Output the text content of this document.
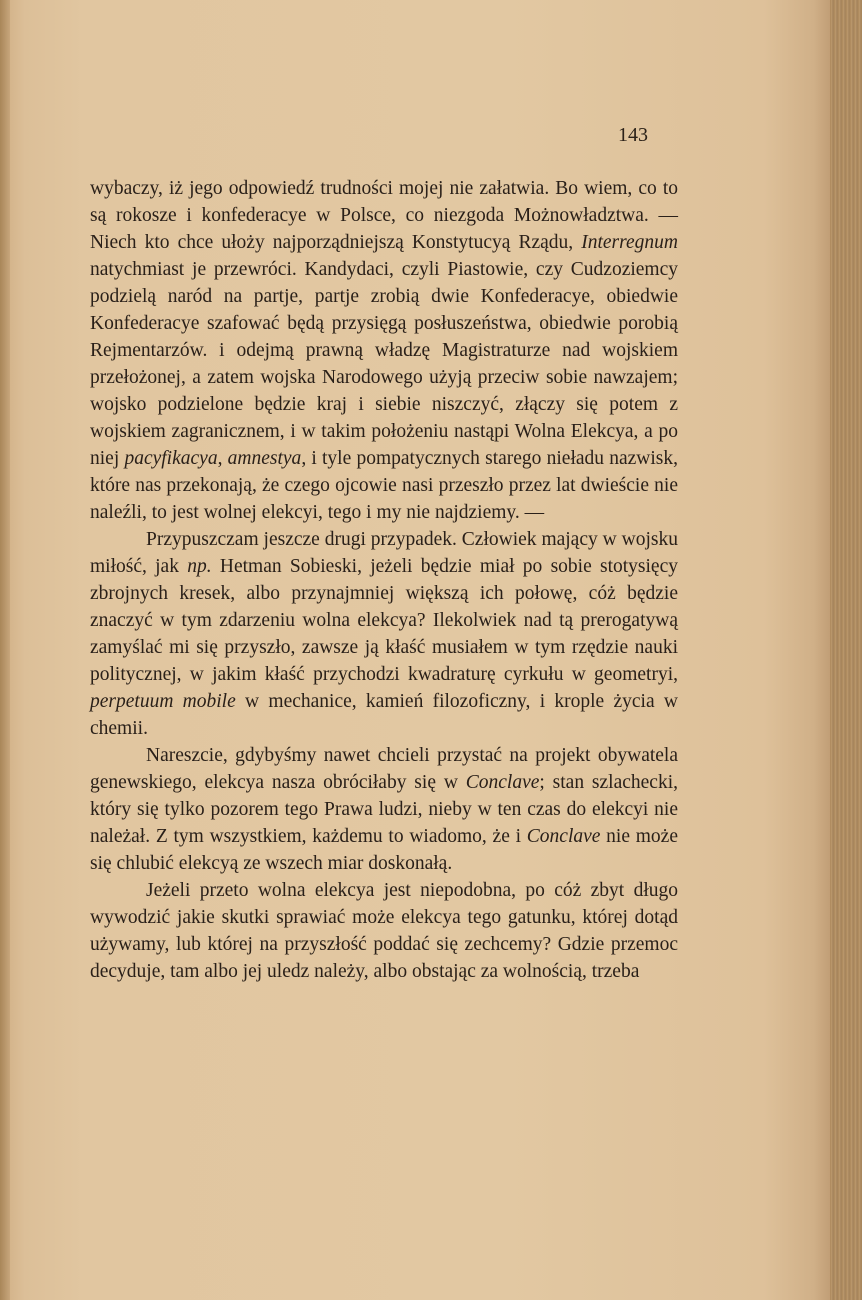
143

wybaczy, iż jego odpowiedź trudności mojej nie załatwia. Bo wiem, co to są rokosze i konfederacye w Polsce, co niezgoda Możnowładztwa. — Niech kto chce ułoży najporządniejszą Konstytucyą Rządu, Interregnum natychmiast je przewróci. Kandydaci, czyli Piastowie, czy Cudzoziemcy podzielą naród na partje, partje zrobią dwie Konfederacye, obiedwie Konfederacye szafować będą przysięgą posłuszeństwa, obiedwie porobią Rejmentarzów. i odejmą prawną władzę Magistraturze nad wojskiem przełożonej, a zatem wojska Narodowego użyją przeciw sobie nawzajem; wojsko podzielone będzie kraj i siebie niszczyć, złączy się potem z wojskiem zagranicznem, i w takim położeniu nastąpi Wolna Elekcya, a po niej pacyfikacya, amnestya, i tyle pompatycznych starego nieładu nazwisk, które nas przekonają, że czego ojcowie nasi przeszło przez lat dwieście nie naleźli, to jest wolnej elekcyi, tego i my nie najdziemy. —

Przypuszczam jeszcze drugi przypadek. Człowiek mający w wojsku miłość, jak np. Hetman Sobieski, jeżeli będzie miał po sobie stotysięcy zbrojnych kresek, albo przynajmniej większą ich połowę, cóż będzie znaczyć w tym zdarzeniu wolna elekcya? Ilekolwiek nad tą prerogatywą zamyślać mi się przyszło, zawsze ją kłaść musiałem w tym rzędzie nauki politycznej, w jakim kłaść przychodzi kwadraturę cyrkułu w geometryi, perpetuum mobile w mechanice, kamień filozoficzny, i krople życia w chemii.

Nareszcie, gdybyśmy nawet chcieli przystać na projekt obywatela genewskiego, elekcya nasza obróciłaby się w Conclave; stan szlachecki, który się tylko pozorem tego Prawa ludzi, nieby w ten czas do elekcyi nie należał. Z tym wszystkiem, każdemu to wiadomo, że i Conclave nie może się chlubić elekcyą ze wszech miar doskonałą.

Jeżeli przeto wolna elekcya jest niepodobna, po cóż zbyt długo wywodzić jakie skutki sprawiać może elekcya tego gatunku, której dotąd używamy, lub której na przyszłość poddać się zechcemy? Gdzie przemoc decyduje, tam albo jej uledz należy, albo obstając za wolnością, trzeba
